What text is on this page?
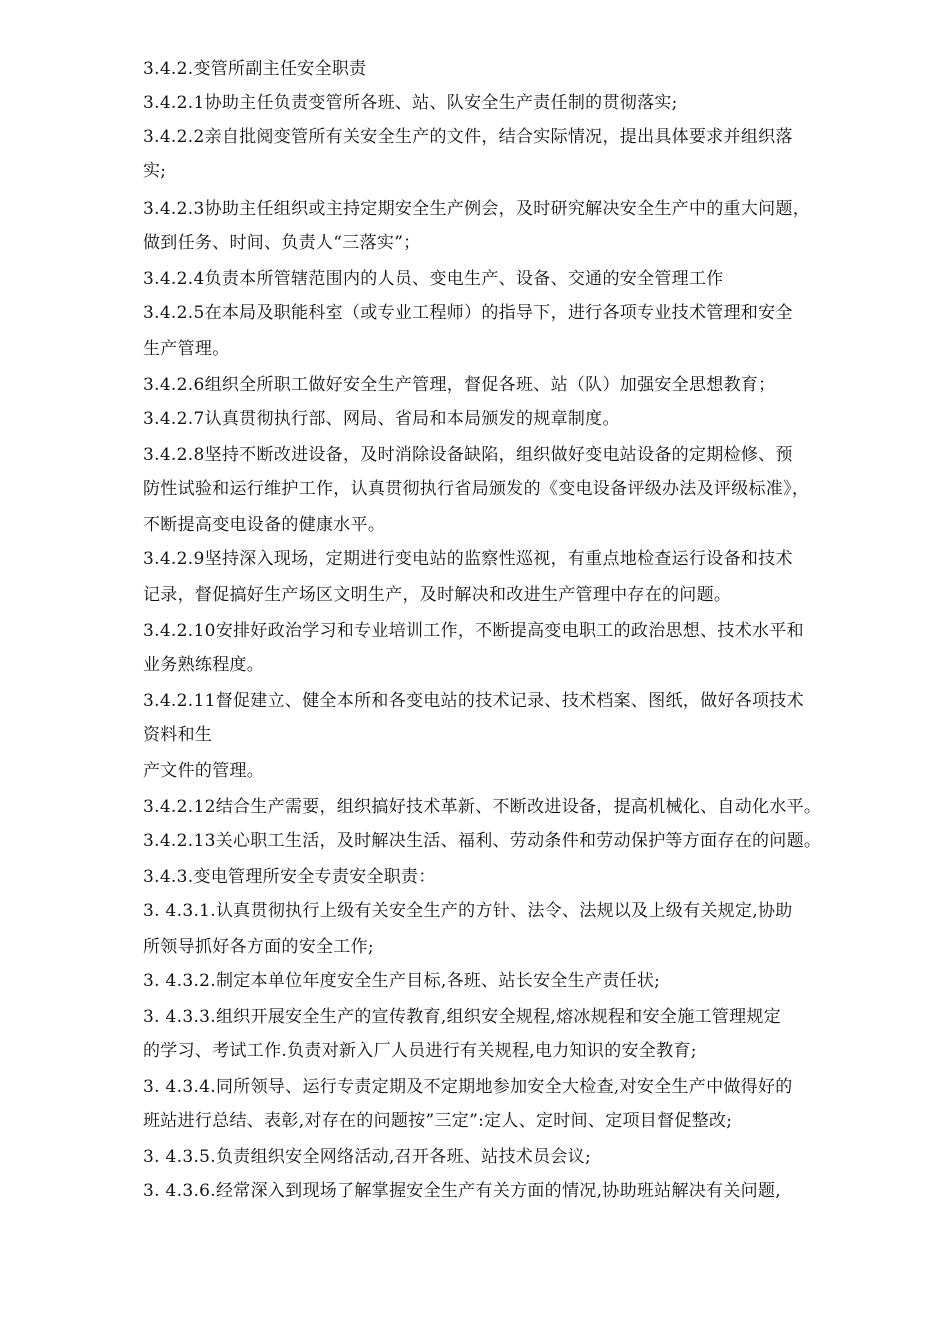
3.4.2.变管所副主任安全职责
3.4.2.1协助主任负责变管所各班、站、队安全生产责任制的贯彻落实;
3.4.2.2亲自批阅变管所有关安全生产的文件，结合实际情况，提出具体要求并组织落
实;
3.4.2.3协助主任组织或主持定期安全生产例会，及时研究解决安全生产中的重大问题，
做到任务、时间、负责人“三落实”；
3.4.2.4负责本所管辖范围内的人员、变电生产、设备、交通的安全管理工作
3.4.2.5在本局及职能科室（或专业工程师）的指导下，进行各项专业技术管理和安全
生产管理。
3.4.2.6组织全所职工做好安全生产管理，督促各班、站（队）加强安全思想教育；
3.4.2.7认真贯彻执行部、网局、省局和本局颁发的规章制度。
3.4.2.8坚持不断改进设备，及时消除设备缺陷，组织做好变电站设备的定期检修、预
防性试验和运行维护工作，认真贯彻执行省局颁发的《变电设备评级办法及评级标准》，
不断提高变电设备的健康水平。
3.4.2.9坚持深入现场，定期进行变电站的监察性巡视，有重点地检查运行设备和技术
记录，督促搞好生产场区文明生产，及时解决和改进生产管理中存在的问题。
3.4.2.10安排好政治学习和专业培训工作，不断提高变电职工的政治思想、技术水平和
业务熟练程度。
3.4.2.11督促建立、健全本所和各变电站的技术记录、技术档案、图纸，做好各项技术
资料和生
产文件的管理。
3.4.2.12结合生产需要，组织搞好技术革新、不断改进设备，提高机械化、自动化水平。
3.4.2.13关心职工生活，及时解决生活、福利、劳动条件和劳动保护等方面存在的问题。
3.4.3.变电管理所安全专责安全职责：
3. 4.3.1.认真贯彻执行上级有关安全生产的方针、法令、法规以及上级有关规定,协助
所领导抓好各方面的安全工作;
3. 4.3.2.制定本单位年度安全生产目标,各班、站长安全生产责任状;
3. 4.3.3.组织开展安全生产的宣传教育,组织安全规程,熔冰规程和安全施工管理规定
的学习、考试工作.负责对新入厂人员进行有关规程,电力知识的安全教育;
3. 4.3.4.同所领导、运行专责定期及不定期地参加安全大检查,对安全生产中做得好的
班站进行总结、表彰,对存在的问题按”三定”:定人、定时间、定项目督促整改;
3. 4.3.5.负责组织安全网络活动,召开各班、站技术员会议;
3. 4.3.6.经常深入到现场了解掌握安全生产有关方面的情况,协助班站解决有关问题,
